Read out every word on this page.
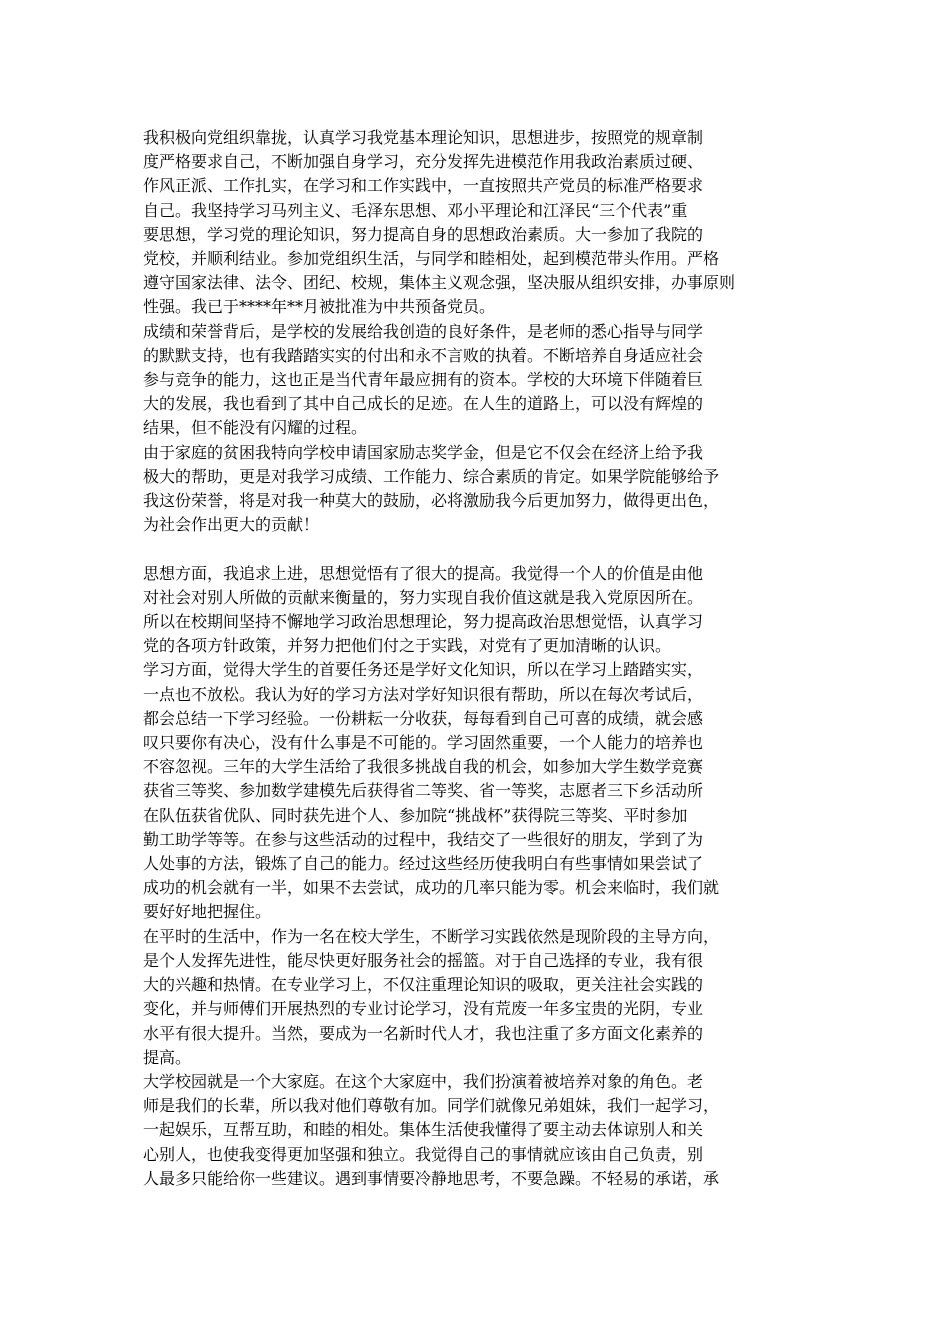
我积极向党组织靠拢，认真学习我党基本理论知识，思想进步，按照党的规章制
度严格要求自己，不断加强自身学习，充分发挥先进模范作用我政治素质过硬、
作风正派、工作扎实，在学习和工作实践中，一直按照共产党员的标准严格要求
自己。我坚持学习马列主义、毛泽东思想、邓小平理论和江泽民“三个代表”重
要思想，学习党的理论知识，努力提高自身的思想政治素质。大一参加了我院的
党校，并顺利结业。参加党组织生活，与同学和睦相处，起到模范带头作用。严格
遵守国家法律、法令、团纪、校规，集体主义观念强，坚决服从组织安排，办事原则
性强。我已于****年**月被批准为中共预备党员。

成绩和荣誉背后，是学校的发展给我创造的良好条件，是老师的悉心指导与同学
的默默支持，也有我踏踏实实的付出和永不言败的执着。不断培养自身适应社会
参与竞争的能力，这也正是当代青年最应拥有的资本。学校的大环境下伴随着巨
大的发展，我也看到了其中自己成长的足迹。在人生的道路上，可以没有辉煌的
结果，但不能没有闪耀的过程。

由于家庭的贫困我特向学校申请国家励志奖学金，但是它不仅会在经济上给予我
极大的帮助，更是对我学习成绩、工作能力、综合素质的肯定。如果学院能够给予
我这份荣誉，将是对我一种莫大的鼓励，必将激励我今后更加努力，做得更出色，
为社会作出更大的贡献！

思想方面，我追求上进，思想觉悟有了很大的提高。我觉得一个人的价值是由他
对社会对别人所做的贡献来衡量的，努力实现自我价值这就是我入党原因所在。
所以在校期间坚持不懈地学习政治思想理论，努力提高政治思想觉悟，认真学习
党的各项方针政策，并努力把他们付之于实践，对党有了更加清晰的认识。

学习方面，觉得大学生的首要任务还是学好文化知识，所以在学习上踏踏实实，
一点也不放松。我认为好的学习方法对学好知识很有帮助，所以在每次考试后，
都会总结一下学习经验。一份耕耘一分收获，每每看到自己可喜的成绩，就会感
叹只要你有决心，没有什么事是不可能的。学习固然重要，一个人能力的培养也
不容忽视。三年的大学生活给了我很多挑战自我的机会，如参加大学生数学竞赛
获省三等奖、参加数学建模先后获得省二等奖、省一等奖，志愿者三下乡活动所
在队伍获省优队、同时获先进个人、参加院“挑战杯”获得院三等奖、平时参加
勤工助学等等。在参与这些活动的过程中，我结交了一些很好的朋友，学到了为
人处事的方法，锻炼了自己的能力。经过这些经历使我明白有些事情如果尝试了
成功的机会就有一半，如果不去尝试，成功的几率只能为零。机会来临时，我们就
要好好地把握住。

在平时的生活中，作为一名在校大学生，不断学习实践依然是现阶段的主导方向，
是个人发挥先进性，能尽快更好服务社会的摇篮。对于自己选择的专业，我有很
大的兴趣和热情。在专业学习上，不仅注重理论知识的吸取，更关注社会实践的
变化，并与师傅们开展热烈的专业讨论学习，没有荒废一年多宝贵的光阴，专业
水平有很大提升。当然，要成为一名新时代人才，我也注重了多方面文化素养的
提高。

大学校园就是一个大家庭。在这个大家庭中，我们扮演着被培养对象的角色。老
师是我们的长辈，所以我对他们尊敬有加。同学们就像兄弟姐妹，我们一起学习，
一起娱乐，互帮互助，和睦的相处。集体生活使我懂得了要主动去体谅别人和关
心别人，也使我变得更加坚强和独立。我觉得自己的事情就应该由自己负责，别
人最多只能给你一些建议。遇到事情要冷静地思考，不要急躁。不轻易的承诺，承
